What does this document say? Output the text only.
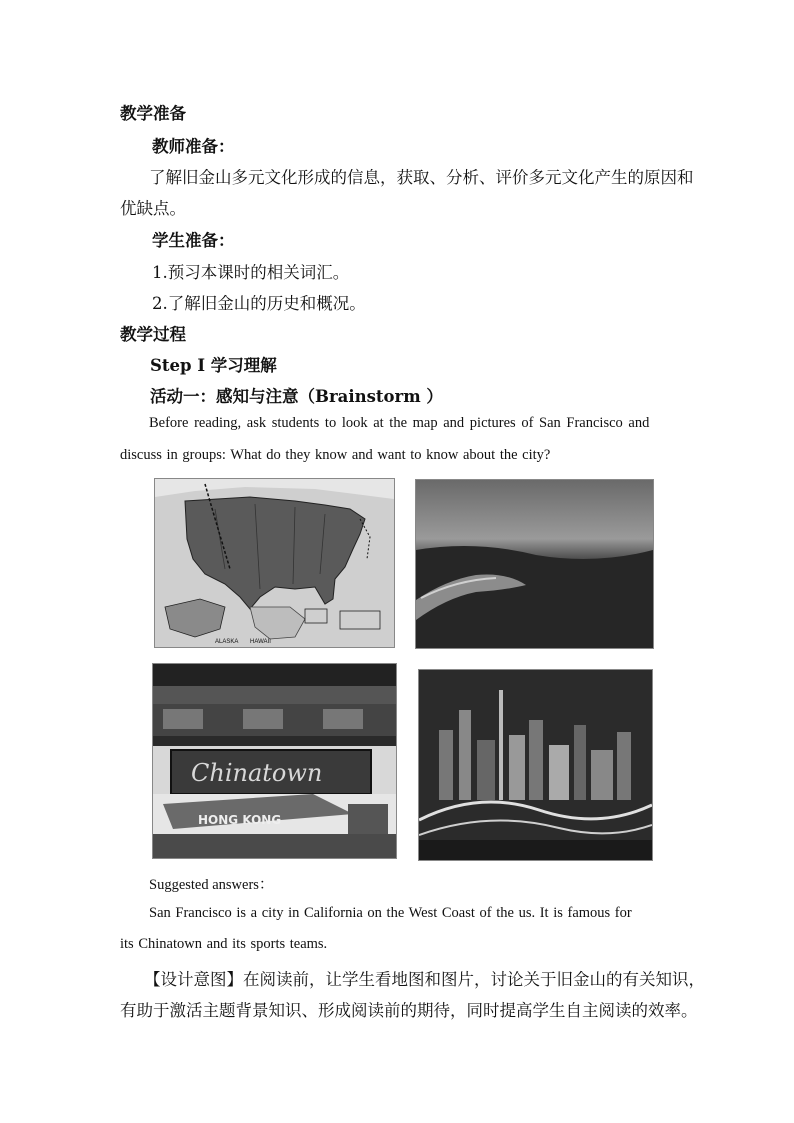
教学准备
教师准备：
了解旧金山多元文化形成的信息，获取、分析、评价多元文化产生的原因和
优缺点。
学生准备：
1.预习本课时的相关词汇。
2.了解旧金山的历史和概况。
教学过程
Step I 学习理解
活动一：感知与注意（Brainstorm ）
Before reading, ask students to look at the map and pictures of San Francisco and
discuss in groups: What do they know and want to know about the city?
ALASKA HAWAII
Chinatown
HONG KONG
Suggested answers：
San Francisco is a city in California on the West Coast of the us. It is famous for
its Chinatown and its sports teams.
【设计意图】在阅读前，让学生看地图和图片，讨论关于旧金山的有关知识，
有助于激活主题背景知识、形成阅读前的期待，同时提高学生自主阅读的效率。
